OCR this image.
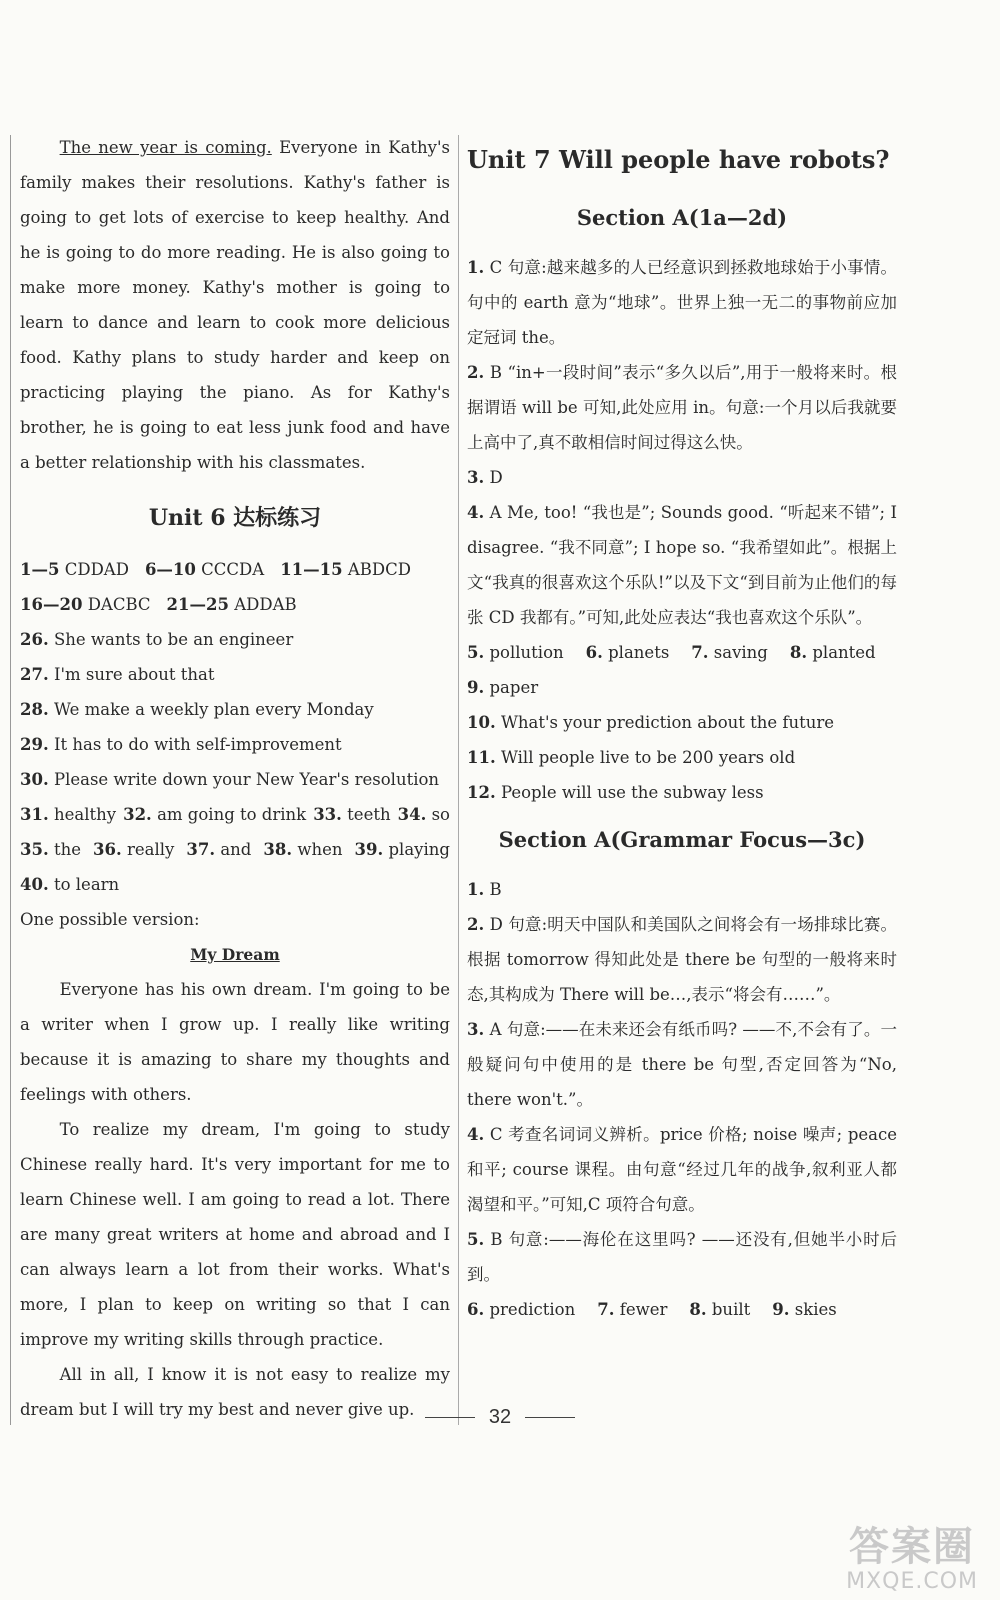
The new year is coming. Everyone in Kathy's family makes their resolutions. Kathy's father is going to get lots of exercise to keep healthy. And he is going to do more reading. He is also going to make more money. Kathy's mother is going to learn to dance and learn to cook more delicious food. Kathy plans to study harder and keep on practicing playing the piano. As for Kathy's brother, he is going to eat less junk food and have a better relationship with his classmates.

Unit 6 达标练习
1—5 CDDAD 6—10 CCCDA 11—15 ABDCD
16—20 DACBC 21—25 ADDAB

26. She wants to be an engineer

27. I'm sure about that

28. We make a weekly plan every Monday

29. It has to do with self-improvement

30. Please write down your New Year's resolution

31. healthy 32. am going to drink 33. teeth 34. so
35. the 36. really 37. and 38. when 39. playing
40. to learn

One possible version:

My Dream

Everyone has his own dream. I'm going to be a writer when I grow up. I really like writing because it is amazing to share my thoughts and feelings with others.

To realize my dream, I'm going to study Chinese really hard. It's very important for me to learn Chinese well. I am going to read a lot. There are many great writers at home and abroad and I can always learn a lot from their works. What's more, I plan to keep on writing so that I can improve my writing skills through practice.

All in all, I know it is not easy to realize my dream but I will try my best and never give up.

Unit 7 Will people have robots?
Section A(1a—2d)

1. C 句意:越来越多的人已经意识到拯救地球始于小事情。句中的 earth 意为“地球”。世界上独一无二的事物前应加定冠词 the。

2. B “in+一段时间”表示“多久以后”,用于一般将来时。根据谓语 will be 可知,此处应用 in。句意:一个月以后我就要上高中了,真不敢相信时间过得这么快。

3. D

4. A Me, too! “我也是”; Sounds good. “听起来不错”; I disagree. “我不同意”; I hope so. “我希望如此”。根据上文“我真的很喜欢这个乐队!”以及下文“到目前为止他们的每张 CD 我都有。”可知,此处应表达“我也喜欢这个乐队”。

5. pollution 6. planets 7. saving 8. planted

9. paper

10. What's your prediction about the future

11. Will people live to be 200 years old

12. People will use the subway less

Section A(Grammar Focus—3c)

1. B

2. D 句意:明天中国队和美国队之间将会有一场排球比赛。根据 tomorrow 得知此处是 there be 句型的一般将来时态,其构成为 There will be…,表示“将会有……”。

3. A 句意:——在未来还会有纸币吗? ——不,不会有了。一般疑问句中使用的是 there be 句型,否定回答为“No, there won't.”。

4. C 考查名词词义辨析。price 价格; noise 噪声; peace 和平; course 课程。由句意“经过几年的战争,叙利亚人都渴望和平。”可知,C 项符合句意。

5. B 句意:——海伦在这里吗? ——还没有,但她半小时后到。

6. prediction 7. fewer 8. built 9. skies
32
答案圈
MXQE.COM
